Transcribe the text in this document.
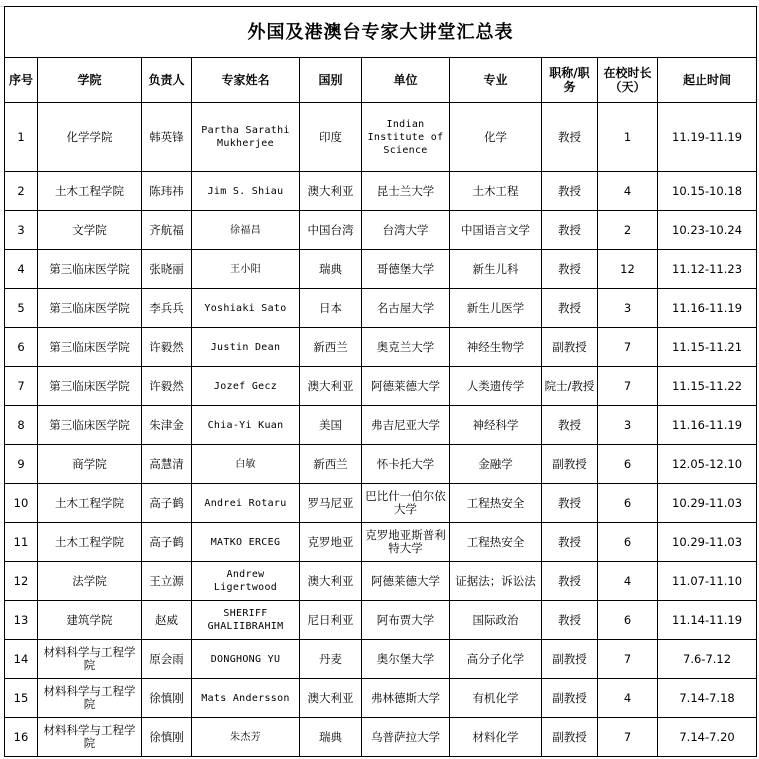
外国及港澳台专家大讲堂汇总表									
序号	学院	负责人	专家姓名	国别	单位	专业	职称/职务	在校时长（天）	起止时间
1	化学学院	韩英锋	Partha Sarathi Mukherjee	印度	Indian Institute of Science	化学	教授	1	11.19-11.19
2	土木工程学院	陈玮祎	Jim S. Shiau	澳大利亚	昆士兰大学	土木工程	教授	4	10.15-10.18
3	文学院	齐航福	徐福昌	中国台湾	台湾大学	中国语言文学	教授	2	10.23-10.24
4	第三临床医学院	张晓丽	王小阳	瑞典	哥德堡大学	新生儿科	教授	12	11.12-11.23
5	第三临床医学院	李兵兵	Yoshiaki Sato	日本	名古屋大学	新生儿医学	教授	3	11.16-11.19
6	第三临床医学院	许毅然	Justin Dean	新西兰	奥克兰大学	神经生物学	副教授	7	11.15-11.21
7	第三临床医学院	许毅然	Jozef Gecz	澳大利亚	阿德莱德大学	人类遗传学	院士/教授	7	11.15-11.22
8	第三临床医学院	朱津金	Chia-Yi Kuan	美国	弗吉尼亚大学	神经科学	教授	3	11.16-11.19
9	商学院	高慧清	白敏	新西兰	怀卡托大学	金融学	副教授	6	12.05-12.10
10	土木工程学院	高子鹤	Andrei Rotaru	罗马尼亚	巴比什一伯尔依大学	工程热安全	教授	6	10.29-11.03
11	土木工程学院	高子鹤	MATKO ERCEG	克罗地亚	克罗地亚斯普利特大学	工程热安全	教授	6	10.29-11.03
12	法学院	王立源	Andrew Ligertwood	澳大利亚	阿德莱德大学	证据法；诉讼法	教授	4	11.07-11.10
13	建筑学院	赵威	SHERIFF GHALIIBRAHIM	尼日利亚	阿布贾大学	国际政治	教授	6	11.14-11.19
14	材料科学与工程学院	原会雨	DONGHONG YU	丹麦	奥尔堡大学	高分子化学	副教授	7	7.6-7.12
15	材料科学与工程学院	徐慎刚	Mats Andersson	澳大利亚	弗林德斯大学	有机化学	副教授	4	7.14-7.18
16	材料科学与工程学院	徐慎刚	朱杰芳	瑞典	乌普萨拉大学	材料化学	副教授	7	7.14-7.20
